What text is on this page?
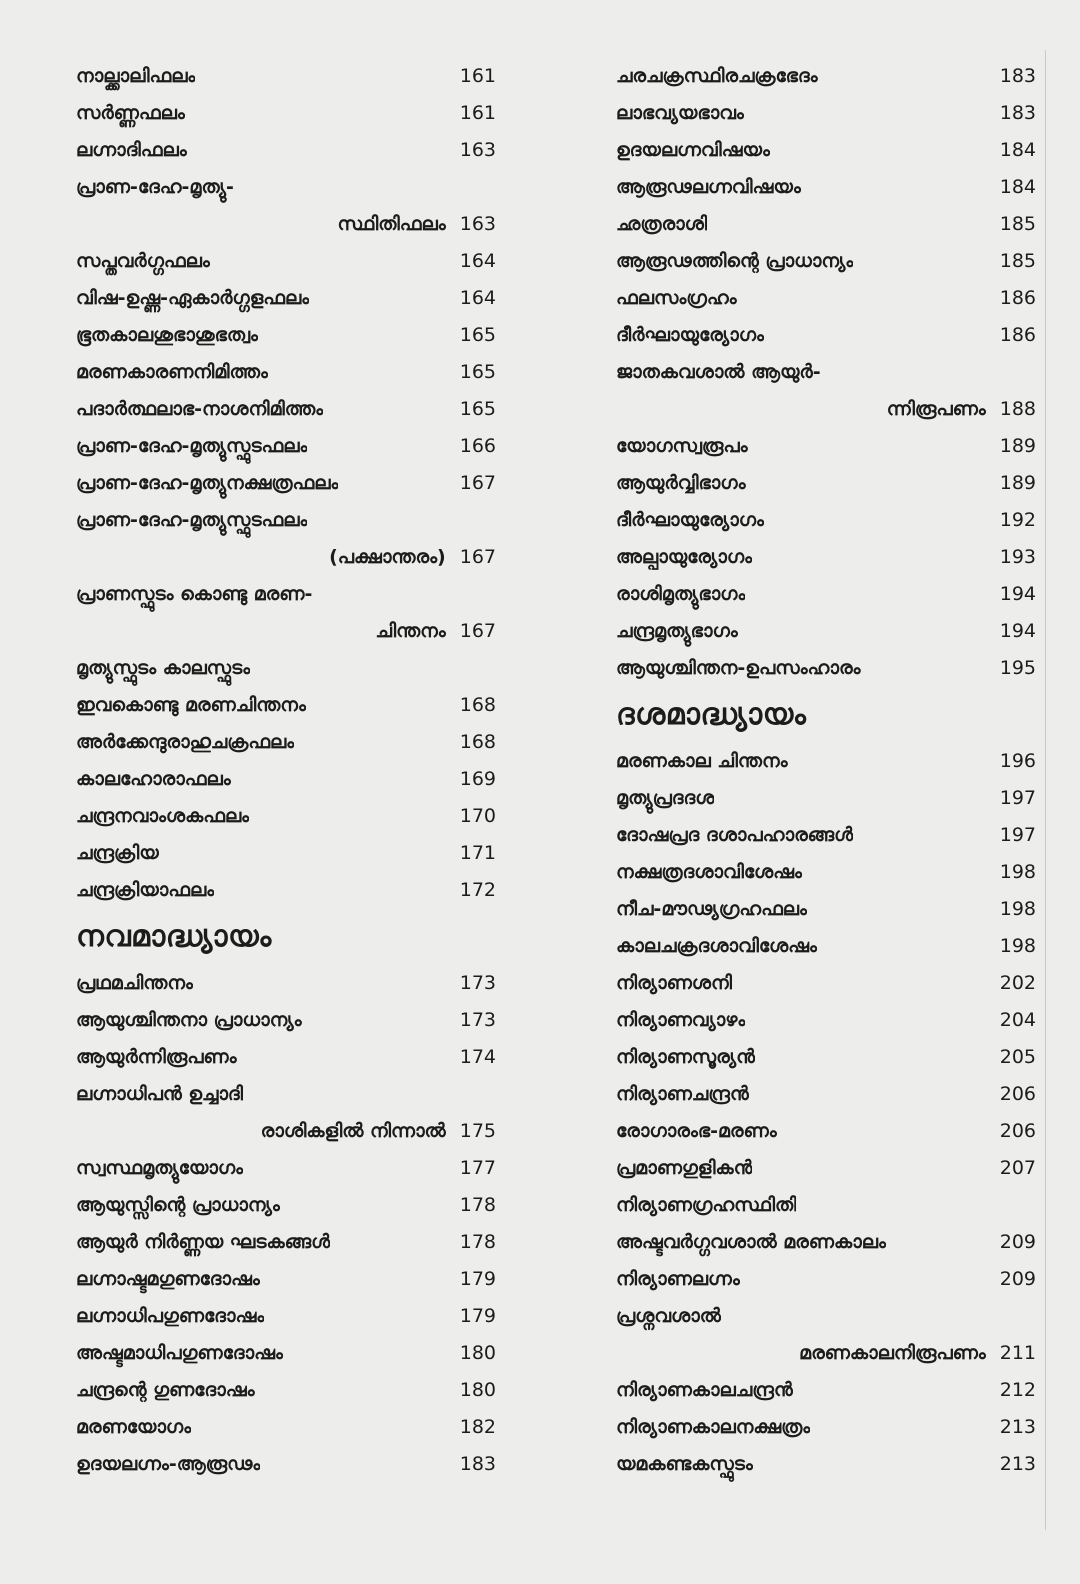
നാല്ക്കാലിഫലം	161
സർണ്ണഫലം	161
ലഗ്നാദിഫലം	163
പ്രാണ-ദേഹ-മൃത്യു-
സ്ഥിതിഫലം 163
സപ്തവർഗ്ഗഫലം	164
വിഷ-ഉഷ്ണ-ഏകാർഗ്ഗളഫലം	164
ഭൂതകാലശുഭാശുഭത്വം	165
മരണകാരണനിമിത്തം	165
പദാർത്ഥലാഭ-നാശനിമിത്തം	165
പ്രാണ-ദേഹ-മൃത്യുസ്ഫുടഫലം	166
പ്രാണ-ദേഹ-മൃത്യുനക്ഷത്രഫലം	167
പ്രാണ-ദേഹ-മൃത്യുസ്ഫുടഫലം
(പക്ഷാന്തരം) 167
പ്രാണസ്ഫുടം കൊണ്ടു മരണ-
ചിന്തനം 167
മൃത്യുസ്ഫുടം കാലസ്ഫുടം
ഇവകൊണ്ടു മരണചിന്തനം	168
അർക്കേന്ദുരാഹുചക്രഫലം	168
കാലഹോരാഫലം	169
ചന്ദ്രനവാംശകഫലം	170
ചന്ദ്രക്രിയ	171
ചന്ദ്രക്രിയാഫലം	172
നവമാദ്ധ്യായം
പ്രഥമചിന്തനം	173
ആയുശ്ചിന്തനാ പ്രാധാന്യം	173
ആയുർന്നിരൂപണം	174
ലഗ്നാധിപൻ ഉച്ചാദി
രാശികളിൽ നിന്നാൽ 175
സ്വസ്ഥമൃത്യുയോഗം	177
ആയുസ്സിന്റെ പ്രാധാന്യം	178
ആയുർ നിർണ്ണയ ഘടകങ്ങൾ	178
ലഗ്നാഷ്ടമഗുണദോഷം	179
ലഗ്നാധിപഗുണദോഷം	179
അഷ്ടമാധിപഗുണദോഷം	180
ചന്ദ്രന്റെ ഗുണദോഷം	180
മരണയോഗം	182
ഉദയലഗ്നം-ആരൂഢം	183
ചരചക്രസ്ഥിരചക്രഭേദം	183
ലാഭവ്യയഭാവം	183
ഉദയലഗ്നവിഷയം	184
ആരൂഢലഗ്നവിഷയം	184
ഛത്രരാശി	185
ആരൂഢത്തിന്റെ പ്രാധാന്യം	185
ഫലസംഗ്രഹം	186
ദീർഘായുര്യോഗം	186
ജാതകവശാൽ ആയുർ-
ന്നിരൂപണം 188
യോഗസ്വരൂപം	189
ആയുർവ്വിഭാഗം	189
ദീർഘായുര്യോഗം	192
അല്പായുര്യോഗം	193
രാശിമൃത്യുഭാഗം	194
ചന്ദ്രമൃത്യുഭാഗം	194
ആയുശ്ചിന്തന-ഉപസംഹാരം	195
ദശമാദ്ധ്യായം
മരണകാല ചിന്തനം	196
മൃത്യുപ്രദദശ	197
ദോഷപ്രദ ദശാപഹാരങ്ങൾ	197
നക്ഷത്രദശാവിശേഷം	198
നീച-മൗഢ്യഗ്രഹഫലം	198
കാലചക്രദശാവിശേഷം	198
നിര്യാണശനി	202
നിര്യാണവ്യാഴം	204
നിര്യാണസൂര്യൻ	205
നിര്യാണചന്ദ്രൻ	206
രോഗാരംഭ-മരണം	206
പ്രമാണഗുളികൻ	207
നിര്യാണഗ്രഹസ്ഥിതി
അഷ്ടവർഗ്ഗവശാൽ മരണകാലം	209
നിര്യാണലഗ്നം	209
പ്രശ്നവശാൽ
മരണകാലനിരൂപണം 211
നിര്യാണകാലചന്ദ്രൻ	212
നിര്യാണകാലനക്ഷത്രം	213
യമകണ്ടകസ്ഫുടം	213
